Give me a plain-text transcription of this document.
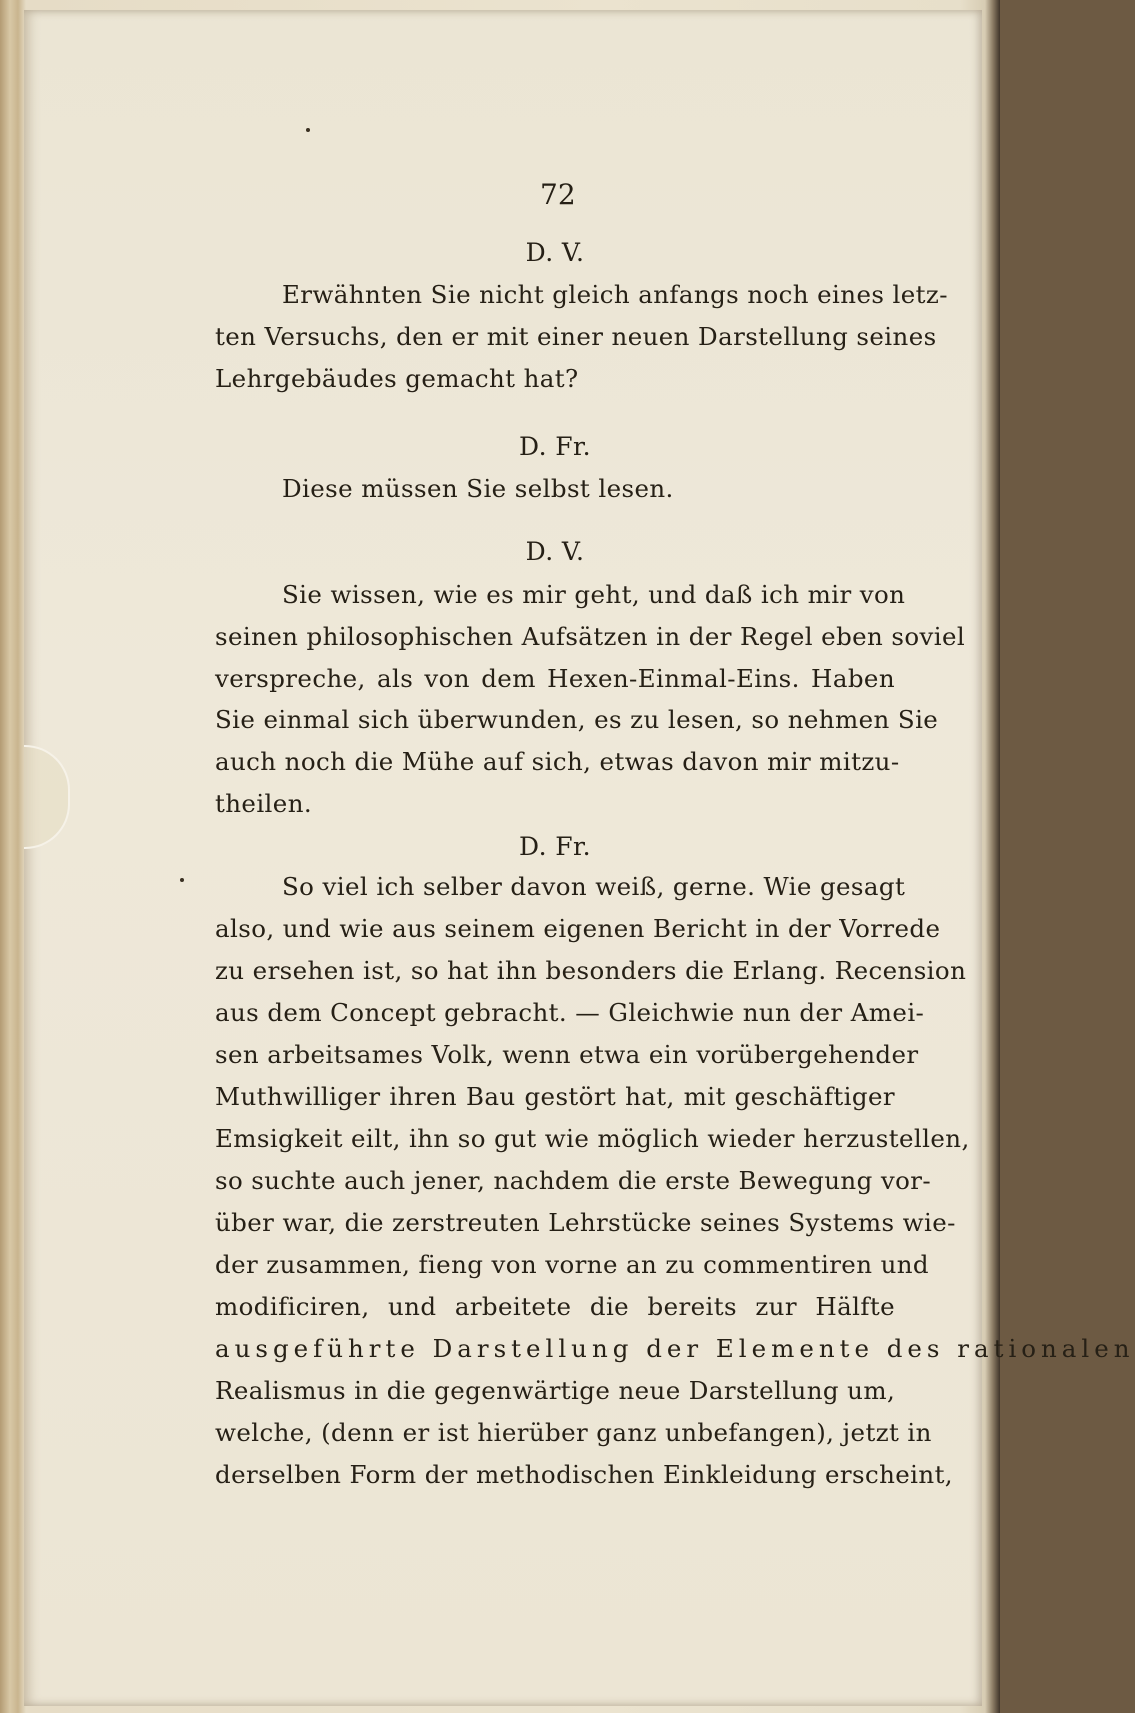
72
D. V.
Erwähnten Sie nicht gleich anfangs noch eines letz-
ten Versuchs, den er mit einer neuen Darstellung seines
Lehrgebäudes gemacht hat?
D. Fr.
Diese müssen Sie selbst lesen.
D. V.
Sie wissen, wie es mir geht, und daß ich mir von
seinen philosophischen Aufsätzen in der Regel eben soviel
verspreche, als von dem Hexen-Einmal-Eins. Haben
Sie einmal sich überwunden, es zu lesen, so nehmen Sie
auch noch die Mühe auf sich, etwas davon mir mitzu-
theilen.
D. Fr.
So viel ich selber davon weiß, gerne. Wie gesagt
also, und wie aus seinem eigenen Bericht in der Vorrede
zu ersehen ist, so hat ihn besonders die Erlang. Recension
aus dem Concept gebracht. — Gleichwie nun der Amei-
sen arbeitsames Volk, wenn etwa ein vorübergehender
Muthwilliger ihren Bau gestört hat, mit geschäftiger
Emsigkeit eilt, ihn so gut wie möglich wieder herzustellen,
so suchte auch jener, nachdem die erste Bewegung vor-
über war, die zerstreuten Lehrstücke seines Systems wie-
der zusammen, fieng von vorne an zu commentiren und
modificiren, und arbeitete die bereits zur Hälfte
ausgeführte Darstellung der Elemente des rationalen
Realismus in die gegenwärtige neue Darstellung um,
welche, (denn er ist hierüber ganz unbefangen), jetzt in
derselben Form der methodischen Einkleidung erscheint,
